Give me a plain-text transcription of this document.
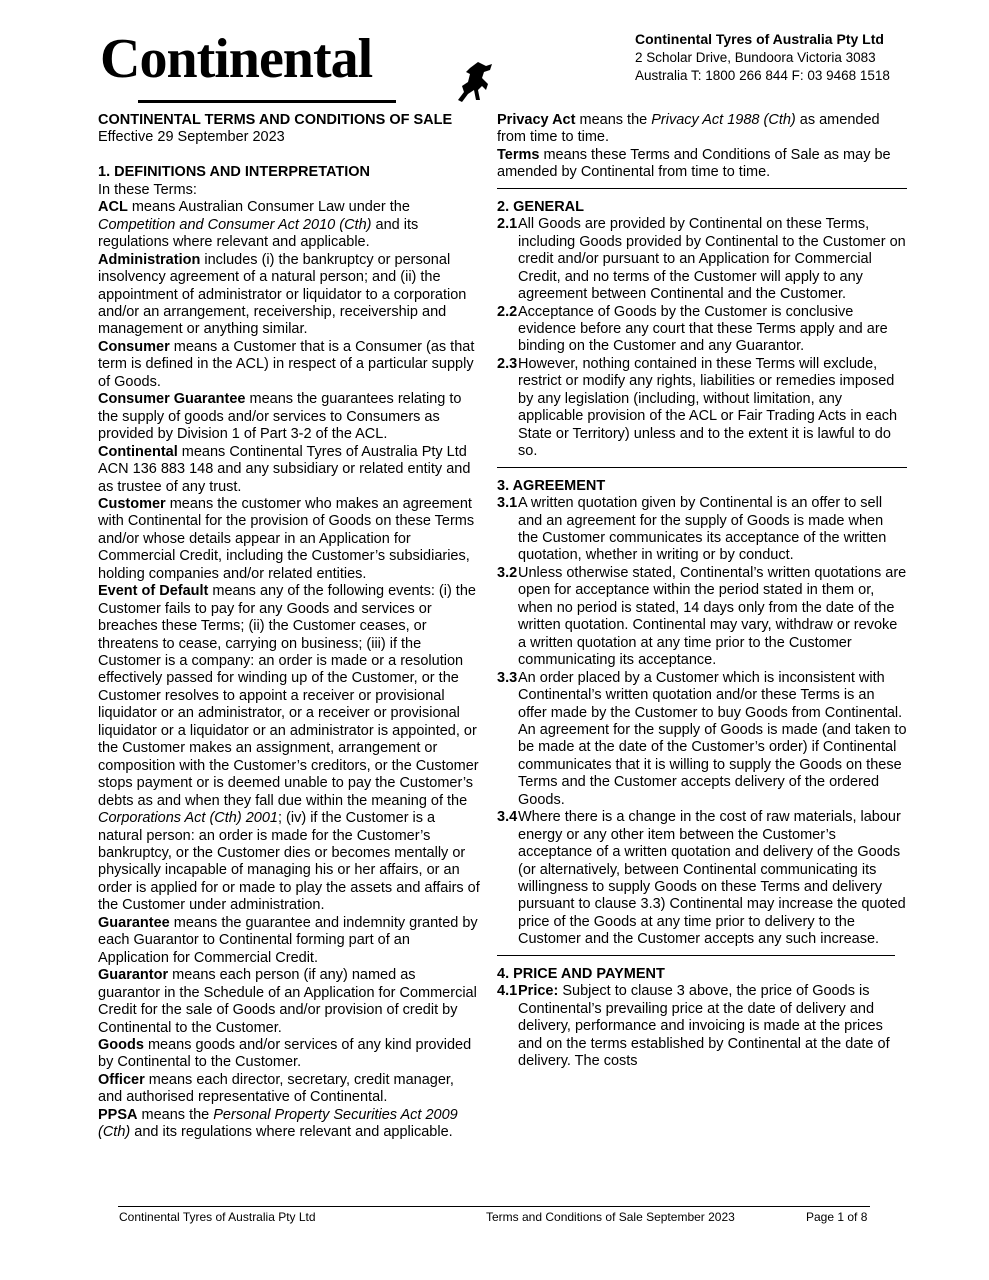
Continental	Continental Tyres of Australia Pty Ltd
2 Scholar Drive, Bundoora Victoria 3083
Australia T: 1800 266 844 F: 03 9468 1518

CONTINENTAL TERMS AND CONDITIONS OF SALE

Effective 29 September 2023

1. DEFINITIONS AND INTERPRETATION

In these Terms:

ACL means Australian Consumer Law under the Competition and Consumer Act 2010 (Cth) and its regulations where relevant and applicable.

Administration includes (i) the bankruptcy or personal insolvency agreement of a natural person; and (ii) the appointment of administrator or liquidator to a corporation and/or an arrangement, receivership, receivership and management or anything similar.

Consumer means a Customer that is a Consumer (as that term is defined in the ACL) in respect of a particular supply of Goods.

Consumer Guarantee means the guarantees relating to the supply of goods and/or services to Consumers as provided by Division 1 of Part 3-2 of the ACL.

Continental means Continental Tyres of Australia Pty Ltd ACN 136 883 148 and any subsidiary or related entity and as trustee of any trust.

Customer means the customer who makes an agreement with Continental for the provision of Goods on these Terms and/or whose details appear in an Application for Commercial Credit, including the Customer’s subsidiaries, holding companies and/or related entities.

Event of Default means any of the following events: (i) the Customer fails to pay for any Goods and services or breaches these Terms; (ii) the Customer ceases, or threatens to cease, carrying on business; (iii) if the Customer is a company: an order is made or a resolution effectively passed for winding up of the Customer, or the Customer resolves to appoint a receiver or provisional liquidator or an administrator, or a receiver or provisional liquidator or a liquidator or an administrator is appointed, or the Customer makes an assignment, arrangement or composition with the Customer’s creditors, or the Customer stops payment or is deemed unable to pay the Customer’s debts as and when they fall due within the meaning of the Corporations Act (Cth) 2001; (iv) if the Customer is a natural person: an order is made for the Customer’s bankruptcy, or the Customer dies or becomes mentally or physically incapable of managing his or her affairs, or an order is applied for or made to play the assets and affairs of the Customer under administration.

Guarantee means the guarantee and indemnity granted by each Guarantor to Continental forming part of an Application for Commercial Credit.

Guarantor means each person (if any) named as guarantor in the Schedule of an Application for Commercial Credit for the sale of Goods and/or provision of credit by Continental to the Customer.

Goods means goods and/or services of any kind provided by Continental to the Customer.

Officer means each director, secretary, credit manager, and authorised representative of Continental.

PPSA means the Personal Property Securities Act 2009 (Cth) and its regulations where relevant and applicable.

Privacy Act means the Privacy Act 1988 (Cth) as amended from time to time.

Terms means these Terms and Conditions of Sale as may be amended by Continental from time to time.

2. GENERAL

2.1 All Goods are provided by Continental on these Terms, including Goods provided by Continental to the Customer on credit and/or pursuant to an Application for Commercial Credit, and no terms of the Customer will apply to any agreement between Continental and the Customer.
2.2 Acceptance of Goods by the Customer is conclusive evidence before any court that these Terms apply and are binding on the Customer and any Guarantor.
2.3 However, nothing contained in these Terms will exclude, restrict or modify any rights, liabilities or remedies imposed by any legislation (including, without limitation, any applicable provision of the ACL or Fair Trading Acts in each State or Territory) unless and to the extent it is lawful to do so.

3. AGREEMENT

3.1 A written quotation given by Continental is an offer to sell and an agreement for the supply of Goods is made when the Customer communicates its acceptance of the written quotation, whether in writing or by conduct.
3.2 Unless otherwise stated, Continental’s written quotations are open for acceptance within the period stated in them or, when no period is stated, 14 days only from the date of the written quotation. Continental may vary, withdraw or revoke a written quotation at any time prior to the Customer communicating its acceptance.
3.3 An order placed by a Customer which is inconsistent with Continental’s written quotation and/or these Terms is an offer made by the Customer to buy Goods from Continental. An agreement for the supply of Goods is made (and taken to be made at the date of the Customer’s order) if Continental communicates that it is willing to supply the Goods on these Terms and the Customer accepts delivery of the ordered Goods.
3.4 Where there is a change in the cost of raw materials, labour energy or any other item between the Customer’s acceptance of a written quotation and delivery of the Goods (or alternatively, between Continental communicating its willingness to supply Goods on these Terms and delivery pursuant to clause 3.3) Continental may increase the quoted price of the Goods at any time prior to delivery to the Customer and the Customer accepts any such increase.

4. PRICE AND PAYMENT

4.1 Price: Subject to clause 3 above, the price of Goods is Continental’s prevailing price at the date of delivery and delivery, performance and invoicing is made at the prices and on the terms established by Continental at the date of delivery. The costs
Continental Tyres of Australia Pty Ltd	Terms and Conditions of Sale September 2023	Page 1 of 8
